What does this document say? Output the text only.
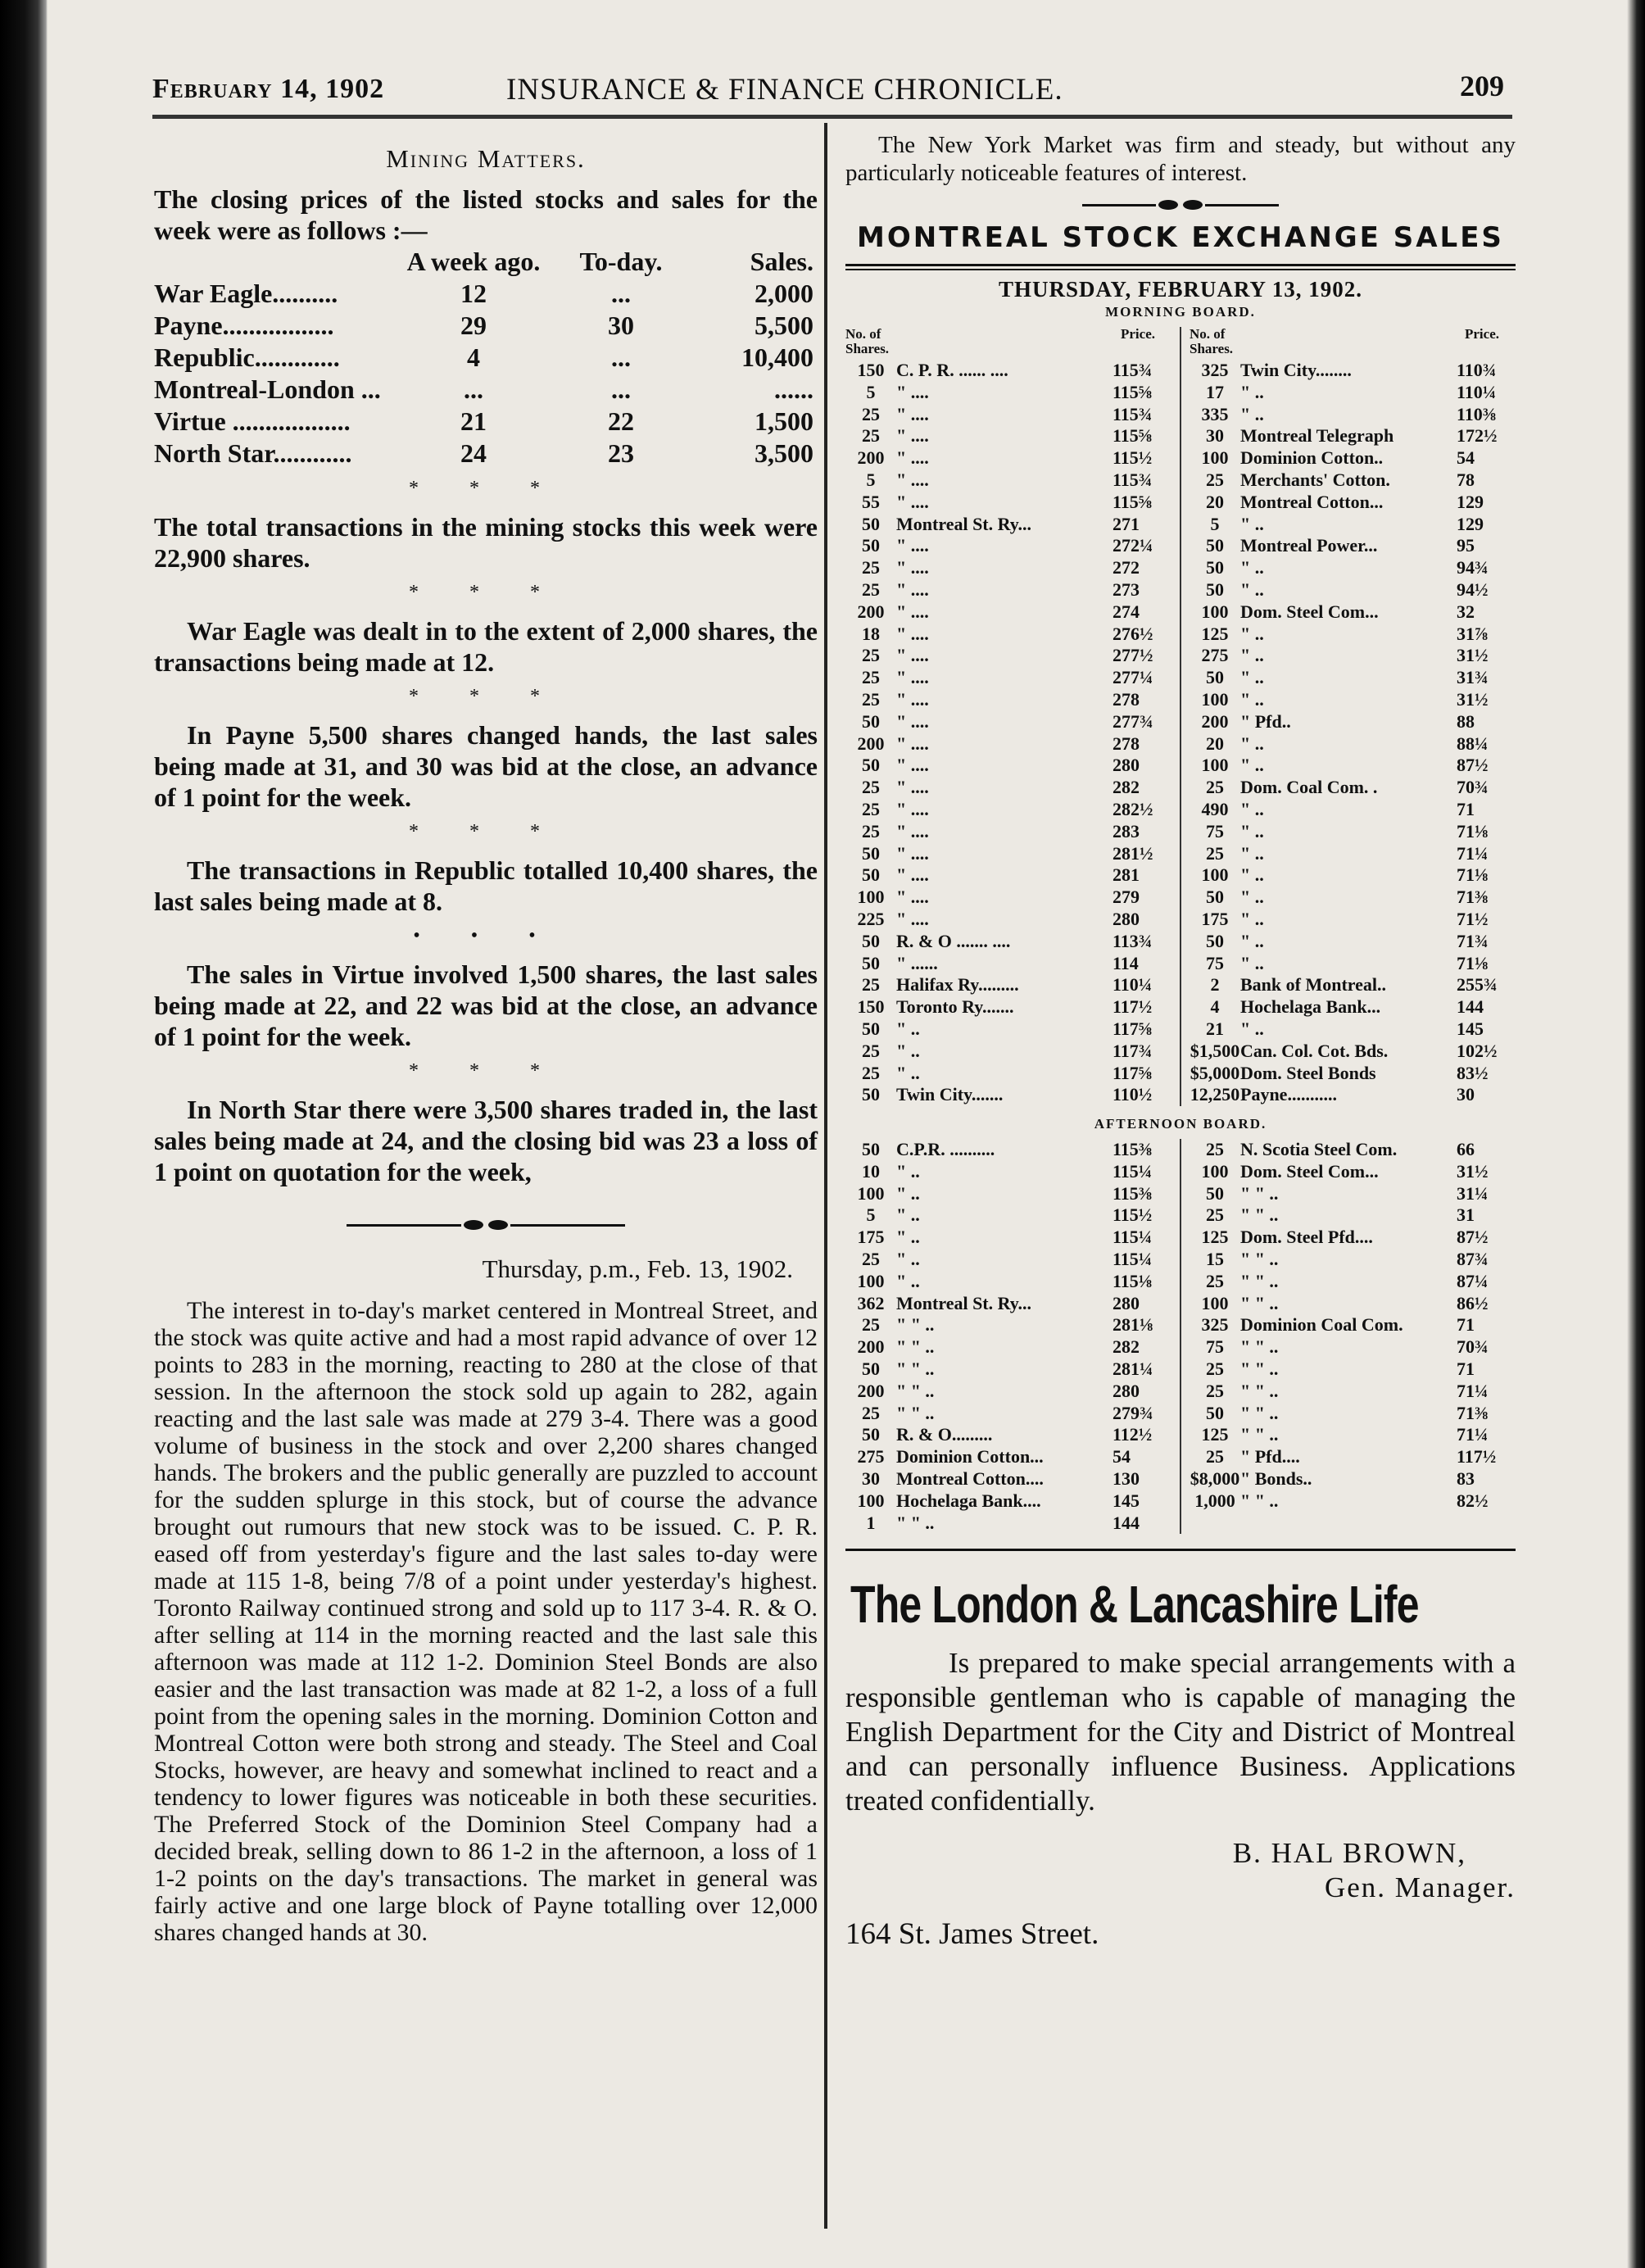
February 14, 1902	INSURANCE & FINANCE CHRONICLE.	209
Mining Matters.

The closing prices of the listed stocks and sales for the week were as follows :—

	A week ago.	To-day.	Sales.
War Eagle..........	12	...	2,000
Payne.................	29	30	5,500
Republic.............	4	...	10,400
Montreal-London ...	...	...	......
Virtue ..................	21	22	1,500
North Star............	24	23	3,500
* * *

The total transactions in the mining stocks this week were 22,900 shares.

* * *

War Eagle was dealt in to the extent of 2,000 shares, the transactions being made at 12.

* * *

In Payne 5,500 shares changed hands, the last sales being made at 31, and 30 was bid at the close, an advance of 1 point for the week.

* * *

The transactions in Republic totalled 10,400 shares, the last sales being made at 8.

• • •

The sales in Virtue involved 1,500 shares, the last sales being made at 22, and 22 was bid at the close, an advance of 1 point for the week.

* * *

In North Star there were 3,500 shares traded in, the last sales being made at 24, and the closing bid was 23 a loss of 1 point on quotation for the week,

Thursday, p.m., Feb. 13, 1902.

The interest in to-day's market centered in Montreal Street, and the stock was quite active and had a most rapid advance of over 12 points to 283 in the morning, reacting to 280 at the close of that session. In the afternoon the stock sold up again to 282, again reacting and the last sale was made at 279 3-4. There was a good volume of business in the stock and over 2,200 shares changed hands. The brokers and the public generally are puzzled to account for the sudden splurge in this stock, but of course the advance brought out rumours that new stock was to be issued. C. P. R. eased off from yesterday's figure and the last sales to-day were made at 115 1-8, being 7/8 of a point under yesterday's highest. Toronto Railway continued strong and sold up to 117 3-4. R. & O. after selling at 114 in the morning reacted and the last sale this afternoon was made at 112 1-2. Dominion Steel Bonds are also easier and the last transaction was made at 82 1-2, a loss of a full point from the opening sales in the morning. Dominion Cotton and Montreal Cotton were both strong and steady. The Steel and Coal Stocks, however, are heavy and somewhat inclined to react and a tendency to lower figures was noticeable in both these securities. The Preferred Stock of the Dominion Steel Company had a decided break, selling down to 86 1-2 in the afternoon, a loss of 1 1-2 points on the day's transactions. The market in general was fairly active and one large block of Payne totalling over 12,000 shares changed hands at 30.

The New York Market was firm and steady, but without any particularly noticeable features of interest.

MONTREAL STOCK EXCHANGE SALES
THURSDAY, FEBRUARY 13, 1902.
MORNING BOARD.
No. of Shares.
Price.
150 C. P. R. ...... ....	115¾
5	" ....	115⅝
25 " ....	115¾
25 " ....	115⅝
200 " ....	115½
5	" ....	115¾
55 " ....	115⅝
50 Montreal St. Ry...	271
50 " ....	272¼
25 " ....	272
25 " ....	273
200 " ....	274
18 " ....	276½
25 " ....	277½
25 " ....	277¼
25 " ....	278
50 " ....	277¾
200 " ....	278
50 " ....	280
25 " ....	282
25 " ....	282½
25 " ....	283
50 " ....	281½
50 " ....	281
100 " ....	279
225 " ....	280
50 R. & O ....... ....	113¾
50 " ......	114
25 Halifax Ry.........	110¼
150 Toronto Ry.......	117½
50 " ..	117⅝
25 " ..	117¾
25 " ..	117⅝
50 Twin City.......	110½
No. of Shares.
Price.
325 Twin City........	110¾
17 " ..	110¼
335 " ..	110⅜
30 Montreal Telegraph	172½
100 Dominion Cotton..	54
25 Merchants' Cotton.	78
20 Montreal Cotton...	129
5	" ..	129
50 Montreal Power...	95
50 " ..	94¾
50 " ..	94½
100 Dom. Steel Com...	32
125 " ..	31⅞
275 " ..	31½
50 " ..	31¾
100 " ..	31½
200 " Pfd..	88
20 " ..	88¼
100 " ..	87½
25 Dom. Coal Com. .	70¾
490 " ..	71
75 " ..	71⅛
25 " ..	71¼
100 " ..	71⅛
50 " ..	71⅜
175 " ..	71½
50 " ..	71¾
75 " ..	71⅛
2	Bank of Montreal..	255¾
4	Hochelaga Bank...	144
21 " ..	145
$1,500 Can. Col. Cot. Bds.	102½
$5,000 Dom. Steel Bonds	83½
12,250 Payne...........	30
AFTERNOON BOARD.
50 C.P.R. ..........	115⅜
10 " ..	115¼
100 " ..	115⅜
5	" ..	115½
175 " ..	115¼
25 " ..	115¼
100 " ..	115⅛
362 Montreal St. Ry...	280
25 " " ..	281⅛
200 " " ..	282
50 " " ..	281¼
200 " " ..	280
25 " " ..	279¾
50 R. & O.........	112½
275 Dominion Cotton...	54
30 Montreal Cotton....	130
100 Hochelaga Bank....	145
1	" " ..	144
25 N. Scotia Steel Com.	66
100 Dom. Steel Com...	31½
50 " " ..	31¼
25 " " ..	31
125 Dom. Steel Pfd....	87½
15 " " ..	87¾
25 " " ..	87¼
100 " " ..	86½
325 Dominion Coal Com.	71
75 " " ..	70¾
25 " " ..	71
25 " " ..	71¼
50 " " ..	71⅜
125 " " ..	71¼
25 " Pfd....	117½
$8,000 " Bonds..	83
1,000 " " ..	82½
The London & Lancashire Life

Is prepared to make special arrangements with a responsible gentleman who is capable of managing the English Department for the City and District of Montreal and can personally influence Business. Applications treated confidentially.

B. HAL BROWN,
Gen. Manager.
164 St. James Street.
